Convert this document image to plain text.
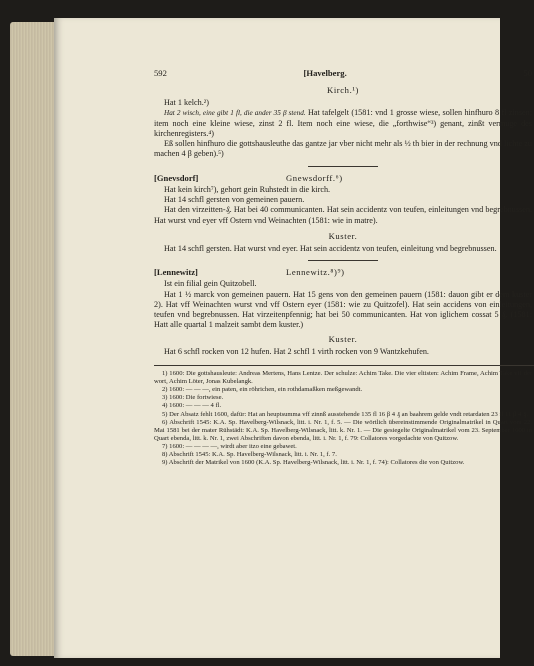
592	[Havelberg.	50
Kirch.¹)

Hat 1 kelch.²)

Hat 2 wisch, eine gibt 1 fl, die ander 35 β stend. Hat tafelgelt (1581: vnd 1 grosse wiese, sollen hinfhuro 8 fl zinsen; item noch eine kleine wiese, zinst 2 fl. Item noch eine wiese, die „forthwise“³) genant, zinßt vermuge des kirchenregisters.⁴)

Eß sollen hinfhuro die gottshausleuthe das gantze jar vber nicht mehr als ½ th bier in der rechnung vnd lichte zu machen 4 β geben).⁵)

[Gnevsdorf]	Gnewsdorff.⁶)

Hat kein kirch⁷), gehort gein Ruhstedt in die kirch.

Hat 14 schfl gersten von gemeinen pauern.

Hat den virzeitten-₰. Hat bei 40 communicanten. Hat sein accidentz von teufen, einleitungen vnd begrebnussen. Hat wurst vnd eyer vff Ostern vnd Weinachten (1581: wie in matre).

Kuster.

Hat 14 schfl gersten. Hat wurst vnd eyer. Hat sein accidentz von teufen, einleitung vnd begrebnussen.

[Lennewitz]	Lennewitz.⁸)⁹)

Ist ein filial gein Quitzobell.

Hat 1 ½ marck von gemeinen pauern. Hat 15 gens von den gemeinen pauern (1581: dauon gibt er dem kuster 2). Hat vff Weinachten wurst vnd vff Ostern eyer (1581: wie zu Quitzofel). Hat sein accidens von einleitungen, teufen vnd begrebnussen. Hat virzeitenpfennig; hat bei 50 communicanten. Hat von iglichem cossat 5 ₰. (1581: Hatt alle quartal 1 malzeit sambt dem kuster.)

Kuster.

Hat 6 schfl rocken von 12 hufen. Hat 2 schfl 1 virth rocken von 9 Wantzkehufen.

1) 1600: Die gottshausleute: Andreas Mertens, Hans Lentze. Der schulze: Achim Take. Die vier eltisten: Achim Frame, Achim Take vff der wort, Achim Löter, Jonas Kubelangk.

2) 1600: — — —, ein paten, ein röhrichen, ein rothdamaßken meßgewandt.

3) 1600: Die fortwiese.

4) 1600: — — — 4 fl.

5) Der Absatz fehlt 1600, dafür: Hat an heuptsumma vff zinnß ausstehende 135 fl 16 β 4 ₰ an baahrem gelde vndt retardaten 23 fl 11 β 4 ₰.

6) Abschrift 1545: K.A. Sp. Havelberg-Wilsnack, litt. i. Nr. 1, f. 5. — Die wörtlich übereinstimmende Originalmatrikel in Quart vom 22. Mai 1581 bei der mater Rühstädt: K.A. Sp. Havelberg-Wilsnack, litt. k. Nr. 1. — Die gesiegelte Originalmatrikel vom 23. September 1600 in Quart ebenda, litt. k. Nr. 1, zwei Abschriften davon ebenda, litt. i. Nr. 1, f. 79: Collatores vorgedachte von Quitzow.

7) 1600: — — — —, wirdt aber itzo eine gebawet.

8) Abschrift 1545: K.A. Sp. Havelberg-Wilsnack, litt. i. Nr. 1, f. 7.

9) Abschrift der Matrikel von 1600 (K.A. Sp. Havelberg-Wilsnack, litt. i. Nr. 1, f. 74): Collatores die von Quitzow.
